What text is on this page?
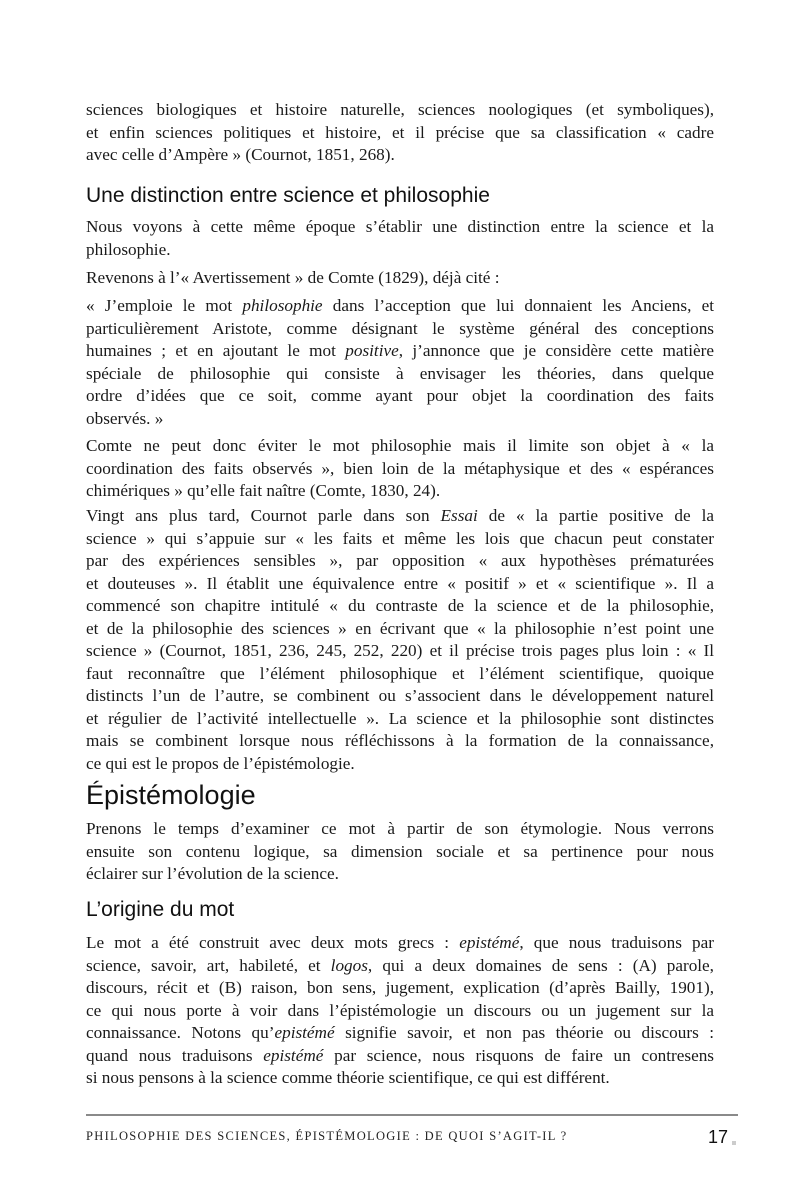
sciences biologiques et histoire naturelle, sciences noologiques (et symboliques),
et enfin sciences politiques et histoire, et il précise que sa classification « cadre
avec celle d’Ampère » (Cournot, 1851, 268).
Une distinction entre science et philosophie
Nous voyons à cette même époque s’établir une distinction entre la science et la
philosophie.
Revenons à l’« Avertissement » de Comte (1829), déjà cité :
« J’emploie le mot philosophie dans l’acception que lui donnaient les Anciens, et
particulièrement Aristote, comme désignant le système général des conceptions
humaines ; et en ajoutant le mot positive, j’annonce que je considère cette matière
spéciale de philosophie qui consiste à envisager les théories, dans quelque
ordre d’idées que ce soit, comme ayant pour objet la coordination des faits
observés. »
Comte ne peut donc éviter le mot philosophie mais il limite son objet à « la
coordination des faits observés », bien loin de la métaphysique et des « espérances
chimériques » qu’elle fait naître (Comte, 1830, 24).
Vingt ans plus tard, Cournot parle dans son Essai de « la partie positive de la
science » qui s’appuie sur « les faits et même les lois que chacun peut constater
par des expériences sensibles », par opposition « aux hypothèses prématurées
et douteuses ». Il établit une équivalence entre « positif » et « scientifique ». Il a
commencé son chapitre intitulé « du contraste de la science et de la philosophie,
et de la philosophie des sciences » en écrivant que « la philosophie n’est point une
science » (Cournot, 1851, 236, 245, 252, 220) et il précise trois pages plus loin : « Il
faut reconnaître que l’élément philosophique et l’élément scientifique, quoique
distincts l’un de l’autre, se combinent ou s’associent dans le développement naturel
et régulier de l’activité intellectuelle ». La science et la philosophie sont distinctes
mais se combinent lorsque nous réfléchissons à la formation de la connaissance,
ce qui est le propos de l’épistémologie.
Épistémologie
Prenons le temps d’examiner ce mot à partir de son étymologie. Nous verrons
ensuite son contenu logique, sa dimension sociale et sa pertinence pour nous
éclairer sur l’évolution de la science.
L’origine du mot
Le mot a été construit avec deux mots grecs : epistémé, que nous traduisons par
science, savoir, art, habileté, et logos, qui a deux domaines de sens : (A) parole,
discours, récit et (B) raison, bon sens, jugement, explication (d’après Bailly, 1901),
ce qui nous porte à voir dans l’épistémologie un discours ou un jugement sur la
connaissance. Notons qu’epistémé signifie savoir, et non pas théorie ou discours :
quand nous traduisons epistémé par science, nous risquons de faire un contresens
si nous pensons à la science comme théorie scientifique, ce qui est différent.
PHILOSOPHIE DES SCIENCES, ÉPISTÉMOLOGIE : DE QUOI S’AGIT-IL ?	17
